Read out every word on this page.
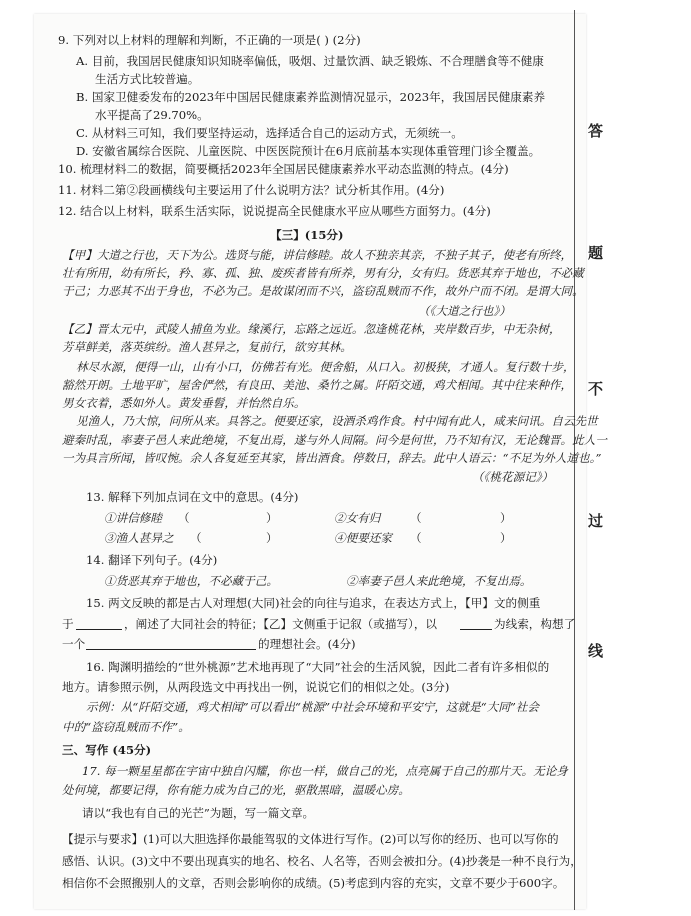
答
题
不
过
线
9. 下列对以上材料的理解和判断，不正确的一项是( ) (2分)
A. 目前，我国居民健康知识知晓率偏低，吸烟、过量饮酒、缺乏锻炼、不合理膳食等不健康
生活方式比较普遍。
B. 国家卫健委发布的2023年中国居民健康素养监测情况显示，2023年，我国居民健康素养
水平提高了29.70%。
C. 从材料三可知，我们要坚持运动，选择适合自己的运动方式，无须统一。
D. 安徽省属综合医院、儿童医院、中医医院预计在6月底前基本实现体重管理门诊全覆盖。
10. 梳理材料二的数据，简要概括2023年全国居民健康素养水平动态监测的特点。(4分)
11. 材料二第②段画横线句主要运用了什么说明方法？试分析其作用。(4分)
12. 结合以上材料，联系生活实际，说说提高全民健康水平应从哪些方面努力。(4分)
【三】(15分)
【甲】大道之行也，天下为公。选贤与能，讲信修睦。故人不独亲其亲，不独子其子，使老有所终，
壮有所用，幼有所长，矜、寡、孤、独、废疾者皆有所养，男有分，女有归。货恶其弃于地也，不必藏
于己；力恶其不出于身也，不必为己。是故谋闭而不兴，盗窃乱贼而不作，故外户而不闭。是谓大同。
（《大道之行也》）
【乙】晋太元中，武陵人捕鱼为业。缘溪行，忘路之远近。忽逢桃花林，夹岸数百步，中无杂树，
芳草鲜美，落英缤纷。渔人甚异之，复前行，欲穷其林。
林尽水源，便得一山，山有小口，仿佛若有光。便舍船，从口入。初极狭，才通人。复行数十步，
豁然开朗。土地平旷，屋舍俨然，有良田、美池、桑竹之属。阡陌交通，鸡犬相闻。其中往来种作，
男女衣着，悉如外人。黄发垂髫，并怡然自乐。
见渔人，乃大惊，问所从来。具答之。便要还家，设酒杀鸡作食。村中闻有此人，咸来问讯。自云先世
避秦时乱，率妻子邑人来此绝境，不复出焉，遂与外人间隔。问今是何世，乃不知有汉，无论魏晋。此人一
一为具言所闻，皆叹惋。余人各复延至其家，皆出酒食。停数日，辞去。此中人语云：“不足为外人道也。”
（《桃花源记》）
13. 解释下列加点词在文中的意思。(4分)
①讲信修睦 （	）	②女有归	（	）
③渔人甚异之 （	）	④便要还家 （	）
14. 翻译下列句子。(4分)
①货恶其弃于地也，不必藏于己。	②率妻子邑人来此绝境，不复出焉。
15. 两文反映的都是古人对理想(大同)社会的向往与追求，在表达方式上，【甲】文的侧重
于	，阐述了大同社会的特征；【乙】文侧重于记叙（或描写），以	为线索，构想了
一个	的理想社会。(4分)
16. 陶渊明描绘的“世外桃源”艺术地再现了“大同”社会的生活风貌，因此二者有许多相似的
地方。请参照示例，从两段选文中再找出一例，说说它们的相似之处。(3分)
示例：从“阡陌交通，鸡犬相闻”可以看出“桃源”中社会环境和平安宁，这就是“大同”社会
中的“盗窃乱贼而不作”。
三、写作 (45分)
17. 每一颗星星都在宇宙中独自闪耀，你也一样，做自己的光，点亮属于自己的那片天。无论身
处何境，都要记得，你有能力成为自己的光，驱散黑暗，温暖心房。
请以“我也有自己的光芒”为题，写一篇文章。
【提示与要求】(1)可以大胆选择你最能驾驭的文体进行写作。(2)可以写你的经历、也可以写你的
感悟、认识。(3)文中不要出现真实的地名、校名、人名等，否则会被扣分。(4)抄袭是一种不良行为，
相信你不会照搬别人的文章，否则会影响你的成绩。(5)考虑到内容的充实，文章不要少于600字。
